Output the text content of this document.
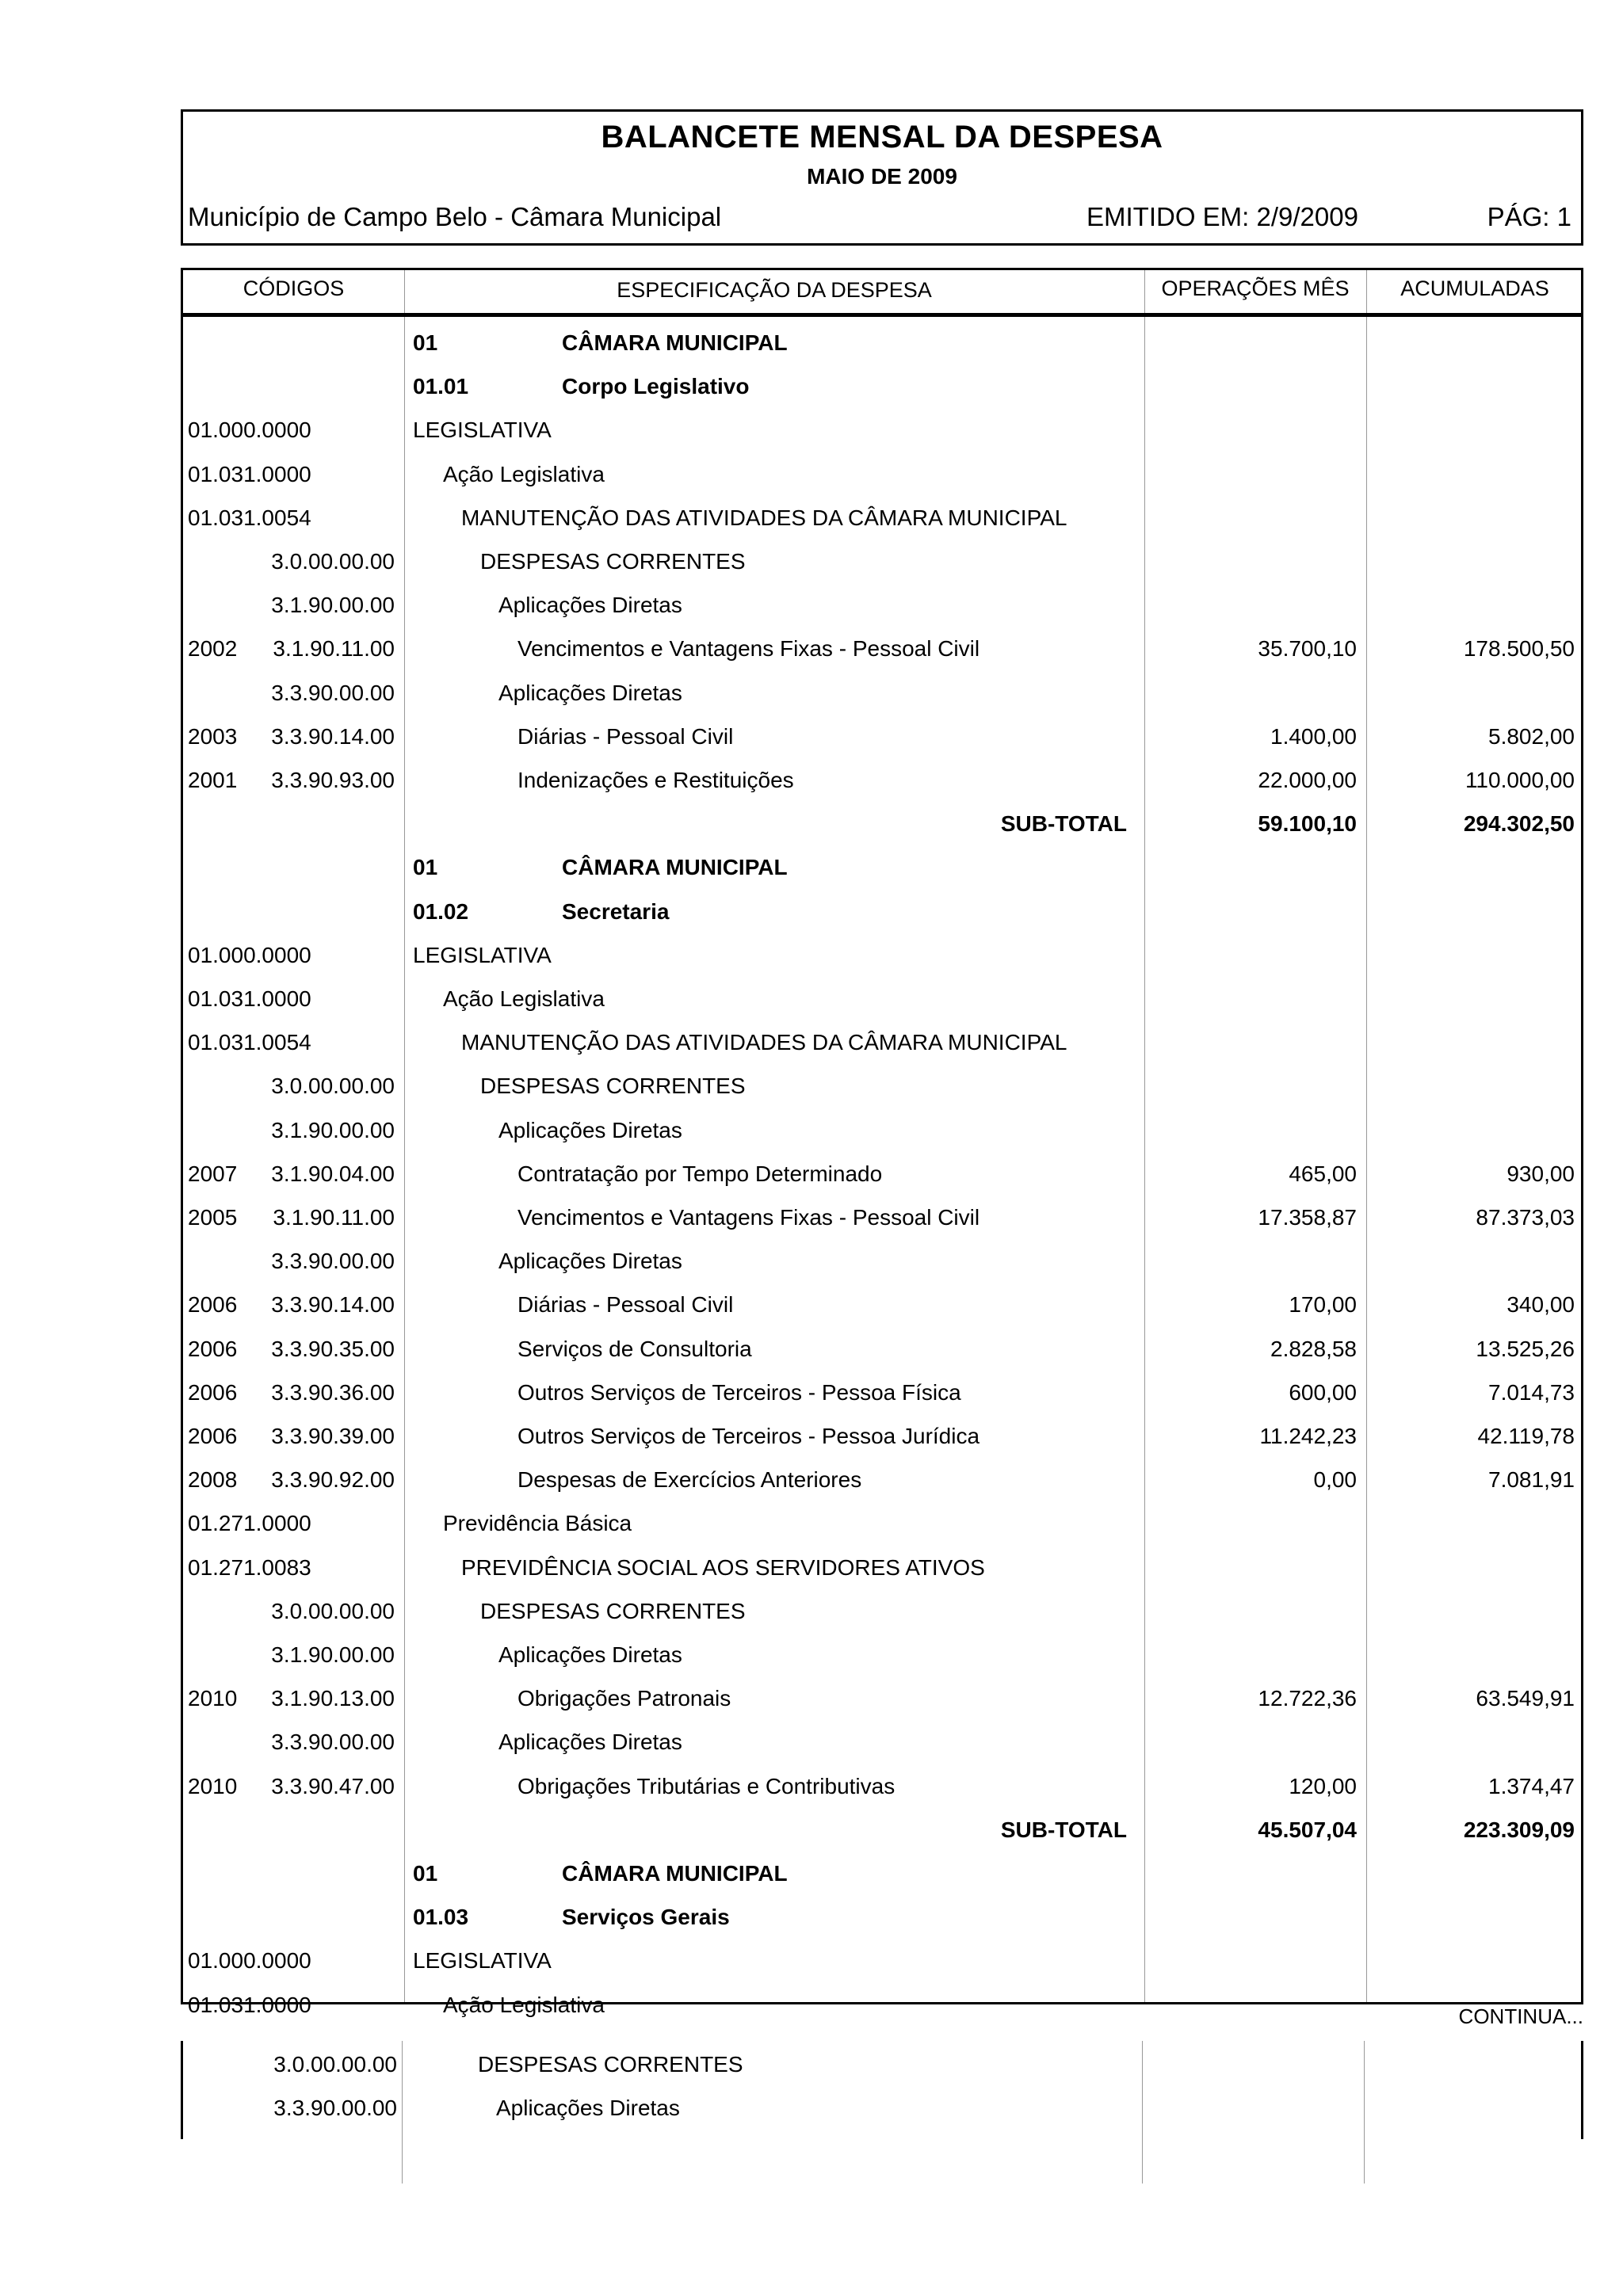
BALANCETE MENSAL DA DESPESA
MAIO DE 2009
Município de Campo Belo - Câmara Municipal	EMITIDO EM: 2/9/2009	PÁG: 1
CÓDIGOS	ESPECIFICAÇÃO DA DESPESA	OPERAÇÕES MÊS	ACUMULADAS
01	CÂMARA MUNICIPAL
01.01	Corpo Legislativo
01.000.0000	LEGISLATIVA
01.031.0000	Ação Legislativa
01.031.0054	MANUTENÇÃO DAS ATIVIDADES DA CÂMARA MUNICIPAL
3.0.00.00.00	DESPESAS CORRENTES
3.1.90.00.00	Aplicações Diretas
2002 3.1.90.11.00	Vencimentos e Vantagens Fixas - Pessoal Civil	35.700,10	178.500,50
3.3.90.00.00	Aplicações Diretas
2003 3.3.90.14.00	Diárias - Pessoal Civil	1.400,00	5.802,00
2001 3.3.90.93.00	Indenizações e Restituições	22.000,00	110.000,00
SUB-TOTAL	59.100,10	294.302,50
01	CÂMARA MUNICIPAL
01.02	Secretaria
01.000.0000	LEGISLATIVA
01.031.0000	Ação Legislativa
01.031.0054	MANUTENÇÃO DAS ATIVIDADES DA CÂMARA MUNICIPAL
3.0.00.00.00	DESPESAS CORRENTES
3.1.90.00.00	Aplicações Diretas
2007 3.1.90.04.00	Contratação por Tempo Determinado	465,00	930,00
2005 3.1.90.11.00	Vencimentos e Vantagens Fixas - Pessoal Civil	17.358,87	87.373,03
3.3.90.00.00	Aplicações Diretas
2006 3.3.90.14.00	Diárias - Pessoal Civil	170,00	340,00
2006 3.3.90.35.00	Serviços de Consultoria	2.828,58	13.525,26
2006 3.3.90.36.00	Outros Serviços de Terceiros - Pessoa Física	600,00	7.014,73
2006 3.3.90.39.00	Outros Serviços de Terceiros - Pessoa Jurídica	11.242,23	42.119,78
2008 3.3.90.92.00	Despesas de Exercícios Anteriores	0,00	7.081,91
01.271.0000	Previdência Básica
01.271.0083	PREVIDÊNCIA SOCIAL AOS SERVIDORES ATIVOS
3.0.00.00.00	DESPESAS CORRENTES
3.1.90.00.00	Aplicações Diretas
2010 3.1.90.13.00	Obrigações Patronais	12.722,36	63.549,91
3.3.90.00.00	Aplicações Diretas
2010 3.3.90.47.00	Obrigações Tributárias e Contributivas	120,00	1.374,47
SUB-TOTAL	45.507,04	223.309,09
01	CÂMARA MUNICIPAL
01.03	Serviços Gerais
01.000.0000	LEGISLATIVA
01.031.0000	Ação Legislativa	CONTINUA...
3.0.00.00.00	DESPESAS CORRENTES
3.3.90.00.00	Aplicações Diretas
